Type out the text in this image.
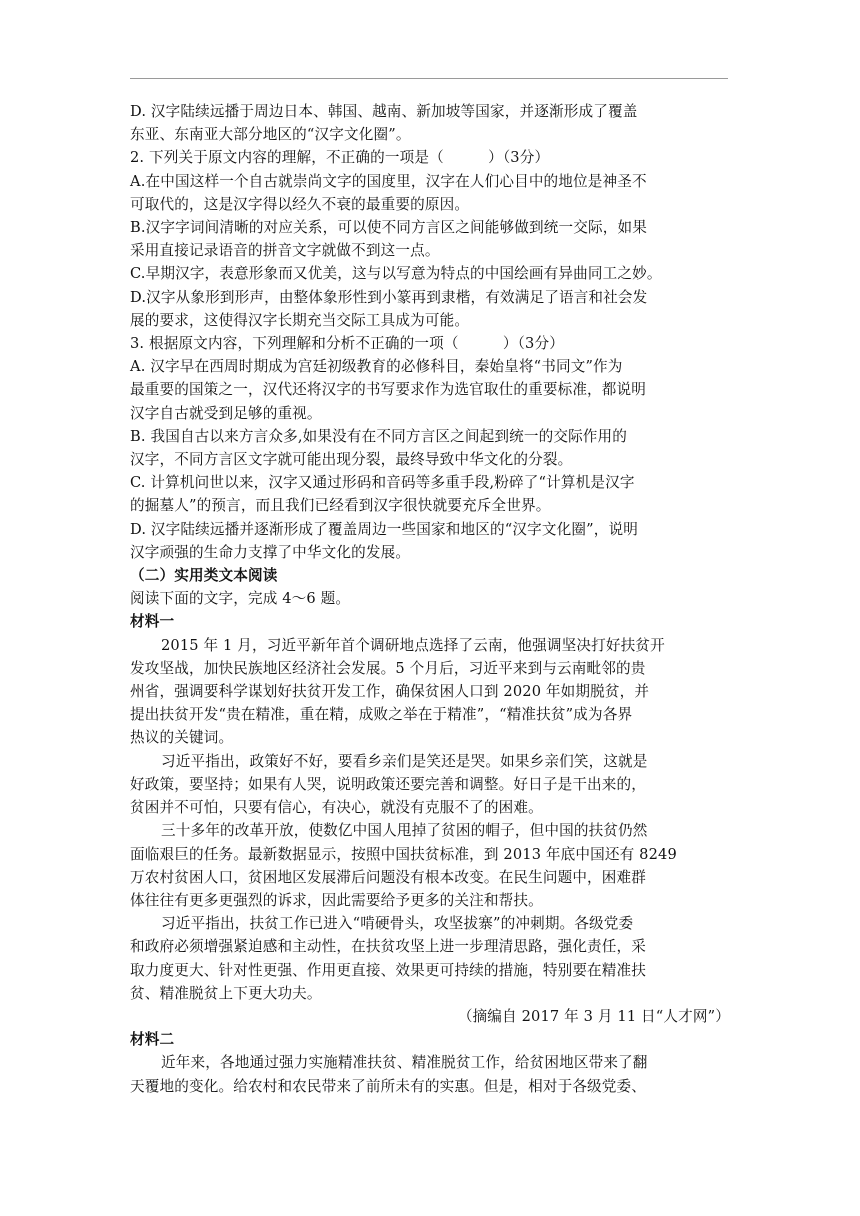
D. 汉字陆续远播于周边日本、韩国、越南、新加坡等国家，并逐渐形成了覆盖
东亚、东南亚大部分地区的“汉字文化圈”。
2. 下列关于原文内容的理解，不正确的一项是（　　　）（3分）
A.在中国这样一个自古就崇尚文字的国度里，汉字在人们心目中的地位是神圣不
可取代的，这是汉字得以经久不衰的最重要的原因。
B.汉字字词间清晰的对应关系，可以使不同方言区之间能够做到统一交际，如果
采用直接记录语音的拼音文字就做不到这一点。
C.早期汉字，表意形象而又优美，这与以写意为特点的中国绘画有异曲同工之妙。
D.汉字从象形到形声，由整体象形性到小篆再到隶楷，有效满足了语言和社会发
展的要求，这使得汉字长期充当交际工具成为可能。
3. 根据原文内容，下列理解和分析不正确的一项（　　　）（3分）
A. 汉字早在西周时期成为宫廷初级教育的必修科目，秦始皇将“书同文”作为
最重要的国策之一，汉代还将汉字的书写要求作为选官取仕的重要标准，都说明
汉字自古就受到足够的重视。
B. 我国自古以来方言众多,如果没有在不同方言区之间起到统一的交际作用的
汉字，不同方言区文字就可能出现分裂，最终导致中华文化的分裂。
C. 计算机问世以来，汉字又通过形码和音码等多重手段,粉碎了“计算机是汉字
的掘墓人”的预言，而且我们已经看到汉字很快就要充斥全世界。
D. 汉字陆续远播并逐渐形成了覆盖周边一些国家和地区的“汉字文化圈”，说明
汉字顽强的生命力支撑了中华文化的发展。
（二）实用类文本阅读
阅读下面的文字，完成 4～6 题。
材料一
2015 年 1 月，习近平新年首个调研地点选择了云南，他强调坚决打好扶贫开
发攻坚战，加快民族地区经济社会发展。5 个月后，习近平来到与云南毗邻的贵
州省，强调要科学谋划好扶贫开发工作，确保贫困人口到 2020 年如期脱贫，并
提出扶贫开发“贵在精准，重在精，成败之举在于精准”，“精准扶贫”成为各界
热议的关键词。
习近平指出，政策好不好，要看乡亲们是笑还是哭。如果乡亲们笑，这就是
好政策，要坚持；如果有人哭，说明政策还要完善和调整。好日子是干出来的，
贫困并不可怕，只要有信心，有决心，就没有克服不了的困难。
三十多年的改革开放，使数亿中国人甩掉了贫困的帽子，但中国的扶贫仍然
面临艰巨的任务。最新数据显示，按照中国扶贫标准，到 2013 年底中国还有 8249
万农村贫困人口，贫困地区发展滞后问题没有根本改变。在民生问题中，困难群
体往往有更多更强烈的诉求，因此需要给予更多的关注和帮扶。
习近平指出，扶贫工作已进入“啃硬骨头，攻坚拔寨”的冲刺期。各级党委
和政府必须增强紧迫感和主动性，在扶贫攻坚上进一步理清思路，强化责任，采
取力度更大、针对性更强、作用更直接、效果更可持续的措施，特别要在精准扶
贫、精准脱贫上下更大功夫。
（摘编自 2017 年 3 月 11 日“人才网”）
材料二
近年来，各地通过强力实施精准扶贫、精准脱贫工作，给贫困地区带来了翻
天覆地的变化。给农村和农民带来了前所未有的实惠。但是，相对于各级党委、
